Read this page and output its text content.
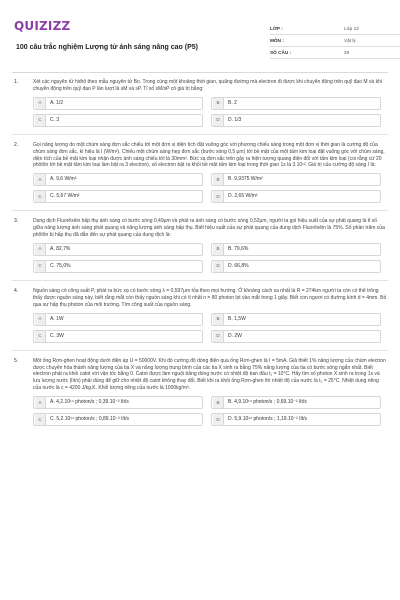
QUIZIZZ
100 câu trắc nghiệm Lượng tử ánh sáng nâng cao (P5)
LỚP :	Lớp 12
MÔN :	Vật lý
SỐ CÂU :	20
1.	Xét các nguyên tử hiđrô theo mẫu nguyên tử Bo. Trong cùng một khoảng thời gian, quãng đường mà electron đi được khi chuyển động trên quỹ đạo M và khi chuyển động trên quỹ đạo P lần lượt là sM và sP. Tỉ số sM/sP có giá trị bằng:
A	A. 1/2	B	B. 2
C	C. 3	D	D. 1/3
2.	Gọi năng lượng do một chùm sáng đơn sắc chiếu tới một đơn vị diện tích đặt vuông góc với phương chiếu sáng trong một đơn vị thời gian là cường độ của chùm sáng đơn sắc, kí hiệu là I (W/m²). Chiếu một chùm sáng hẹp đơn sắc (bước sóng 0,5 μm) tới bề mặt của một tấm kim loại đặt vuông góc với chùm sáng, diện tích của bề mặt kim loại nhận được ánh sáng chiếu tới là 30mm². Bức xạ đơn sắc trên gây ra hiện tượng quang điện đối với tấm kim loại (coi rằng cứ 20 phôtôn tới bề mặt tấm kim loại làm bật ra 3 electron), số electron bật ra khỏi bề mặt tấm kim loại trong thời gian 1s là 3.10¹³. Giá trị của cường độ sáng I là:
A	A. 9,6 W/m²	B	B. 9,9375 W/m²
C	C. 5,67 W/m²	D	D. 2,65 W/m²
3.	Dung dịch Fluorêxêin hấp thụ ánh sáng có bước sóng 0,49μm và phát ra ánh sáng có bước sóng 0,52μm, người ta gọi hiệu suất của sự phát quang là tỉ số giữa năng lượng ánh sáng phát quang và năng lượng ánh sáng hấp thụ. Biết hiệu suất của sự phát quang của dung dịch Fluorêxêin là 75%. Số phần trăm của phôtôn bị hấp thụ đã dẫn đến sự phát quang của dung dịch là:
A	A. 82,7%	B	B. 79,6%
C	C. 75,0%	D	D. 66,8%
4.	Nguồn sáng có công suất P, phát ra bức xạ có bước sóng λ = 0,597μm tỏa theo mọi hướng. Ở khoảng cách xa nhất là R = 274km người ta còn có thể trông thấy được nguồn sáng này, biết rằng mắt còn thấy nguồn sáng khi có ít nhất n = 80 photon lọt vào mắt trong 1 giây. Biết con ngươi có đường kính d = 4mm. Bỏ qua sự hấp thụ photon của môi trường. Tìm công suất của nguồn sáng.
A	A. 1W	B	B. 1,5W
C	C. 3W	D	D. 2W
5.	Một ống Rơn-ghen hoạt động dưới điện áp U = 50000V. Khi đó cường độ dòng điện qua ống Rơn-ghen là I = 5mA. Giả thiết 1% năng lượng của chùm electron được chuyển hóa thành năng lượng của tia X và năng lượng trung bình của các tia X sinh ra bằng 75% năng lượng của tia có bước sóng ngắn nhất. Biết electron phát ra khỏi catot với vận tốc bằng 0. Catot được làm nguội bằng dòng nước có nhiệt độ ban đầu t₁ = 10°C. Hãy tìm số photon X sinh ra trong 1s và lưu lượng nước (lít/s) phải dùng để giữ cho nhiệt độ catot không thay đổi. Biết khi ra khỏi ống Rơn-ghen thì nhiệt độ của nước là t₂ = 25°C. Nhiệt dung riêng của nước là c = 4200 J/kg.K. Khối lượng riêng của nước là 1000kg/m³.
A	A. 4,2.10¹⁴ photon/s ; 0,39.10⁻² lít/s	B	B. 4,9.10¹⁴ photon/s ; 0,69.10⁻² lít/s
C	C. 5,2.10¹⁴ photon/s ; 0,89.10⁻² lít/s	D	D. 5,9.10¹⁴ photon/s ; 1,19.10⁻² lít/s
